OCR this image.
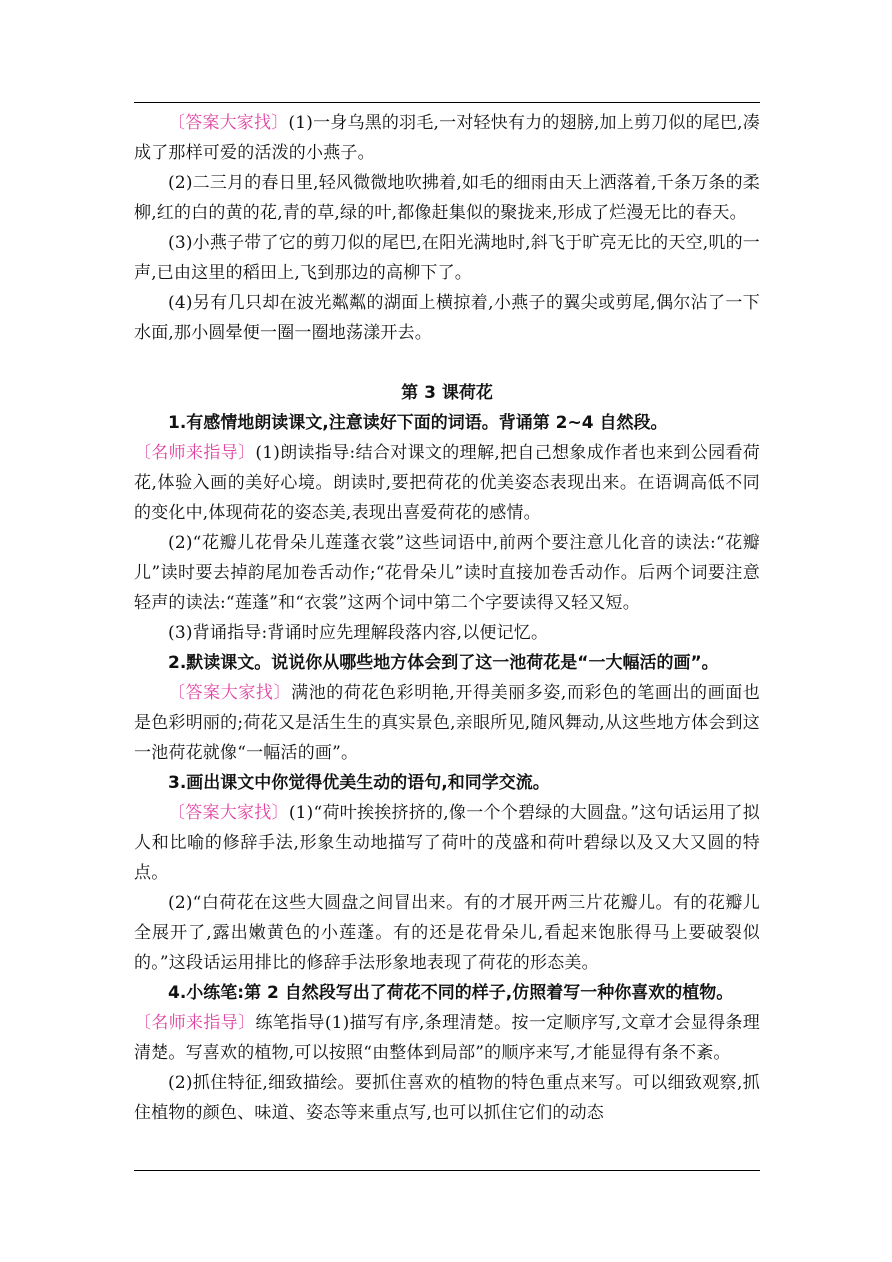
〔答案大家找〕(1)一身乌黑的羽毛,一对轻快有力的翅膀,加上剪刀似的尾巴,凑成了那样可爱的活泼的小燕子。

(2)二三月的春日里,轻风微微地吹拂着,如毛的细雨由天上洒落着,千条万条的柔柳,红的白的黄的花,青的草,绿的叶,都像赶集似的聚拢来,形成了烂漫无比的春天。

(3)小燕子带了它的剪刀似的尾巴,在阳光满地时,斜飞于旷亮无比的天空,叽的一声,已由这里的稻田上,飞到那边的高柳下了。

(4)另有几只却在波光粼粼的湖面上横掠着,小燕子的翼尖或剪尾,偶尔沾了一下水面,那小圆晕便一圈一圈地荡漾开去。

第 3 课荷花

1.有感情地朗读课文,注意读好下面的词语。背诵第 2~4 自然段。

〔名师来指导〕(1)朗读指导:结合对课文的理解,把自己想象成作者也来到公园看荷花,体验入画的美好心境。朗读时,要把荷花的优美姿态表现出来。在语调高低不同的变化中,体现荷花的姿态美,表现出喜爱荷花的感情。

(2)“花瓣儿花骨朵儿莲蓬衣裳”这些词语中,前两个要注意儿化音的读法:“花瓣儿”读时要去掉韵尾加卷舌动作;“花骨朵儿”读时直接加卷舌动作。后两个词要注意轻声的读法:“莲蓬”和“衣裳”这两个词中第二个字要读得又轻又短。

(3)背诵指导:背诵时应先理解段落内容,以便记忆。

2.默读课文。说说你从哪些地方体会到了这一池荷花是“一大幅活的画”。

〔答案大家找〕满池的荷花色彩明艳,开得美丽多姿,而彩色的笔画出的画面也是色彩明丽的;荷花又是活生生的真实景色,亲眼所见,随风舞动,从这些地方体会到这一池荷花就像“一幅活的画”。

3.画出课文中你觉得优美生动的语句,和同学交流。

〔答案大家找〕(1)“荷叶挨挨挤挤的,像一个个碧绿的大圆盘。”这句话运用了拟人和比喻的修辞手法,形象生动地描写了荷叶的茂盛和荷叶碧绿以及又大又圆的特点。

(2)“白荷花在这些大圆盘之间冒出来。有的才展开两三片花瓣儿。有的花瓣儿全展开了,露出嫩黄色的小莲蓬。有的还是花骨朵儿,看起来饱胀得马上要破裂似的。”这段话运用排比的修辞手法形象地表现了荷花的形态美。

4.小练笔:第 2 自然段写出了荷花不同的样子,仿照着写一种你喜欢的植物。

〔名师来指导〕练笔指导(1)描写有序,条理清楚。按一定顺序写,文章才会显得条理清楚。写喜欢的植物,可以按照“由整体到局部”的顺序来写,才能显得有条不紊。

(2)抓住特征,细致描绘。要抓住喜欢的植物的特色重点来写。可以细致观察,抓住植物的颜色、味道、姿态等来重点写,也可以抓住它们的动态
